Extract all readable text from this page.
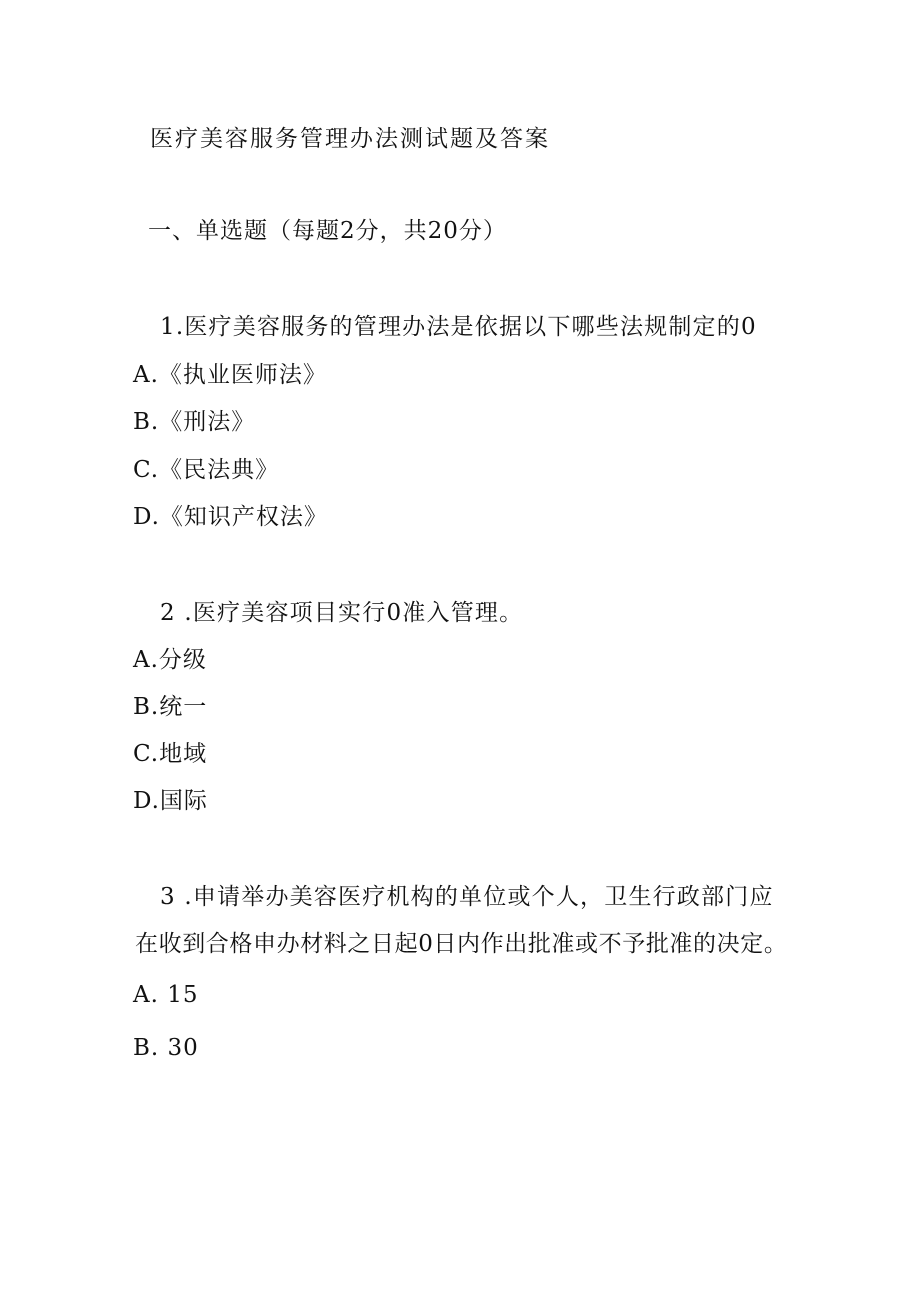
医疗美容服务管理办法测试题及答案
一、单选题（每题2分，共20分）
1.医疗美容服务的管理办法是依据以下哪些法规制定的0
A.《执业医师法》
B.《刑法》
C.《民法典》
D.《知识产权法》
2 .医疗美容项目实行0准入管理。
A.分级
B.统一
C.地域
D.国际
3 .申请举办美容医疗机构的单位或个人，卫生行政部门应
在收到合格申办材料之日起0日内作出批准或不予批准的决定。
A. 15
B. 30
